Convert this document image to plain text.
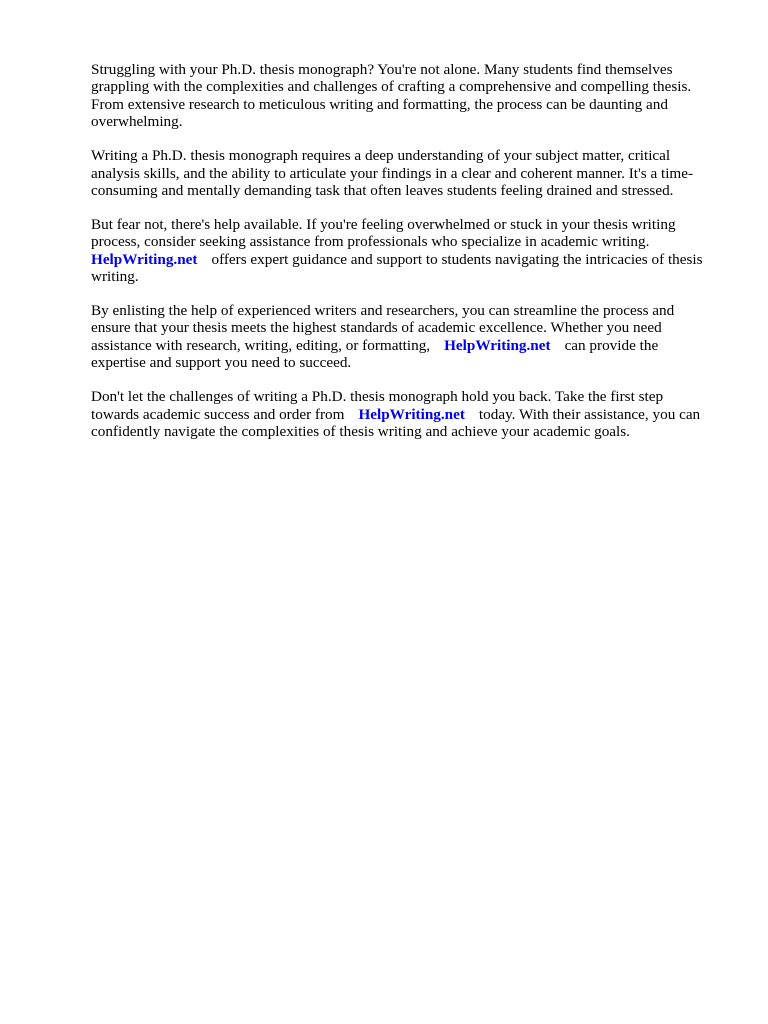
Struggling with your Ph.D. thesis monograph? You're not alone. Many students find themselves grappling with the complexities and challenges of crafting a comprehensive and compelling thesis. From extensive research to meticulous writing and formatting, the process can be daunting and overwhelming.

Writing a Ph.D. thesis monograph requires a deep understanding of your subject matter, critical analysis skills, and the ability to articulate your findings in a clear and coherent manner. It's a time-consuming and mentally demanding task that often leaves students feeling drained and stressed.

But fear not, there's help available. If you're feeling overwhelmed or stuck in your thesis writing process, consider seeking assistance from professionals who specialize in academic writing.
HelpWriting.net offers expert guidance and support to students navigating the intricacies of thesis writing.

By enlisting the help of experienced writers and researchers, you can streamline the process and ensure that your thesis meets the highest standards of academic excellence. Whether you need assistance with research, writing, editing, or formatting, HelpWriting.net can provide the expertise and support you need to succeed.

Don't let the challenges of writing a Ph.D. thesis monograph hold you back. Take the first step towards academic success and order from HelpWriting.net today. With their assistance, you can confidently navigate the complexities of thesis writing and achieve your academic goals.
